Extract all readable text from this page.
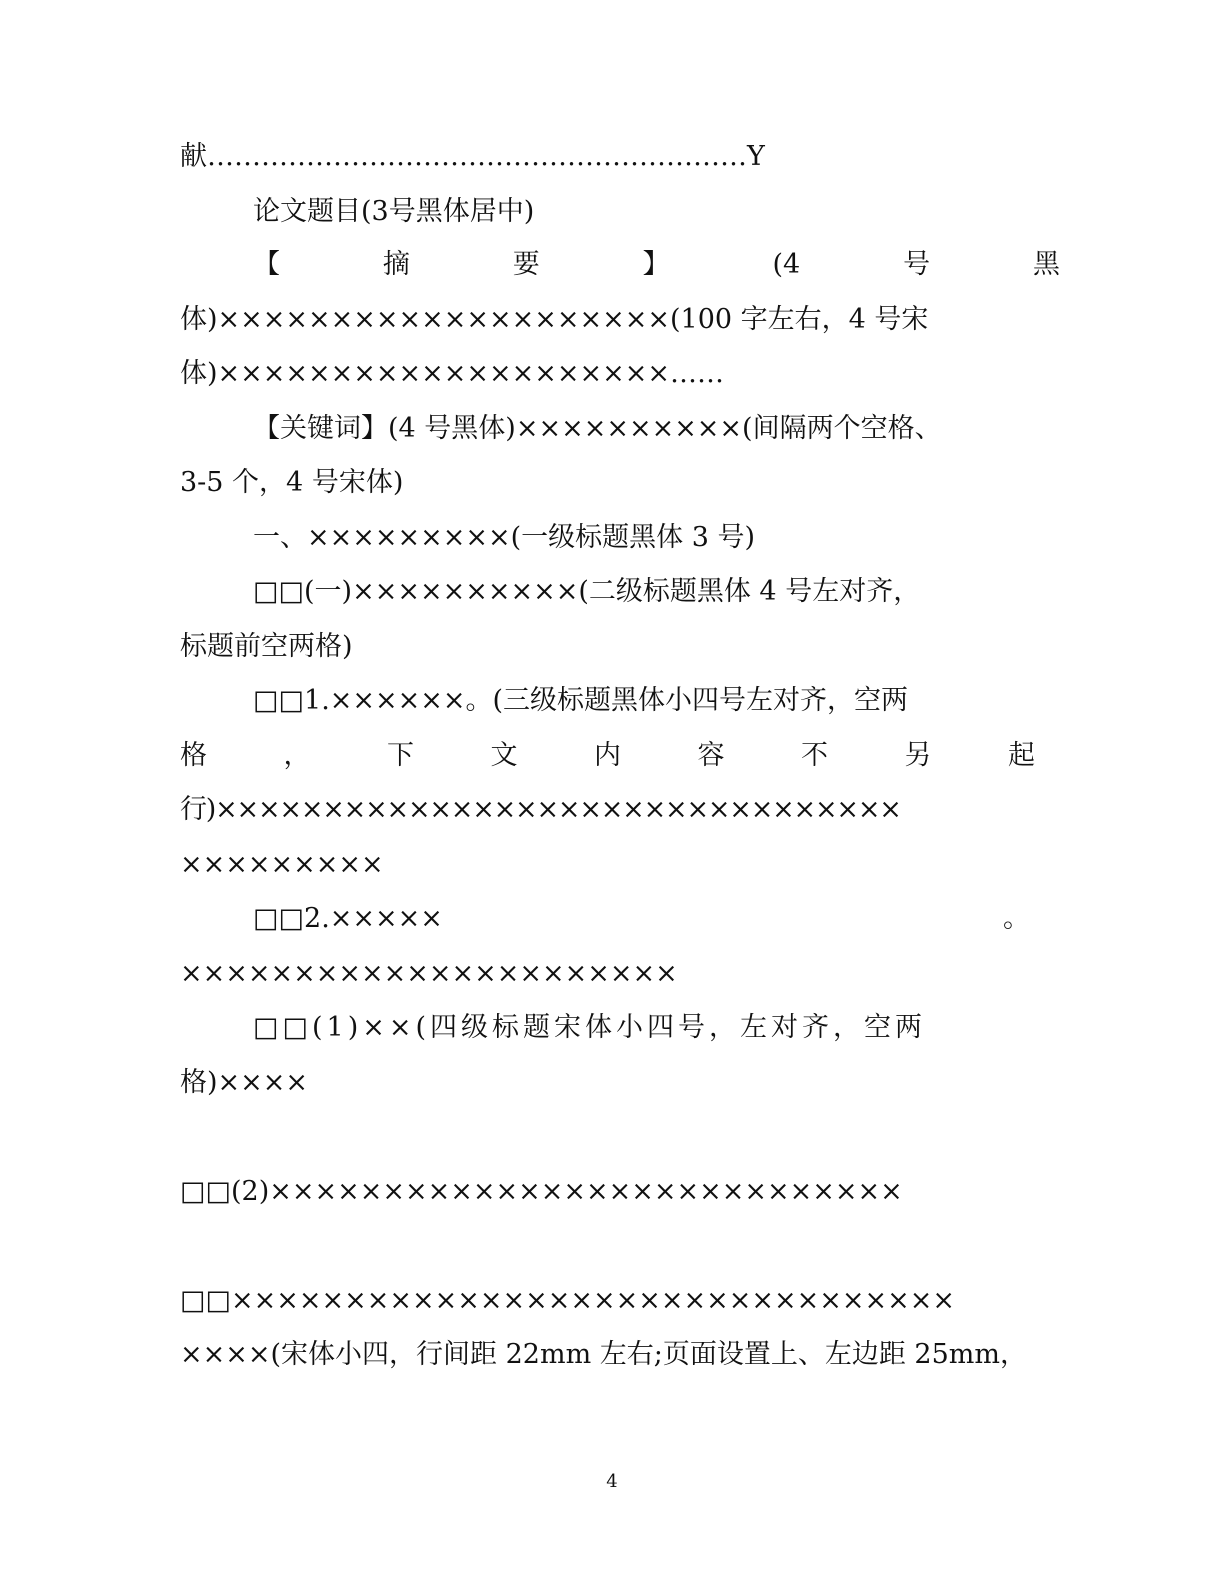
献……………………………………………………Y
论文题目(3号黑体居中)
【	摘	要	】	(4	号	黑
体)××××××××××××××××××××(100 字左右，4 号宋
体)××××××××××××××××××××……
【关键词】(4 号黑体)××××××××××(间隔两个空格、
3-5 个，4 号宋体)
一、×××××××××(一级标题黑体 3 号)
□□(一)××××××××××(二级标题黑体 4 号左对齐，
标题前空两格)
□□1.××××××。(三级标题黑体小四号左对齐，空两
格	，	下	文	内	容	不	另	起
行)××××××××××××××××××××××××××××××××
×××××××××
□□2.×××××	。
××××××××××××××××××××××
□□(1)××(四级标题宋体小四号，左对齐，空两
格)××××
□□(2)××××××××××××××××××××××××××××
□□××××××××××××××××××××××××××××××××
××××(宋体小四，行间距 22mm 左右;页面设置上、左边距 25mm，
4
